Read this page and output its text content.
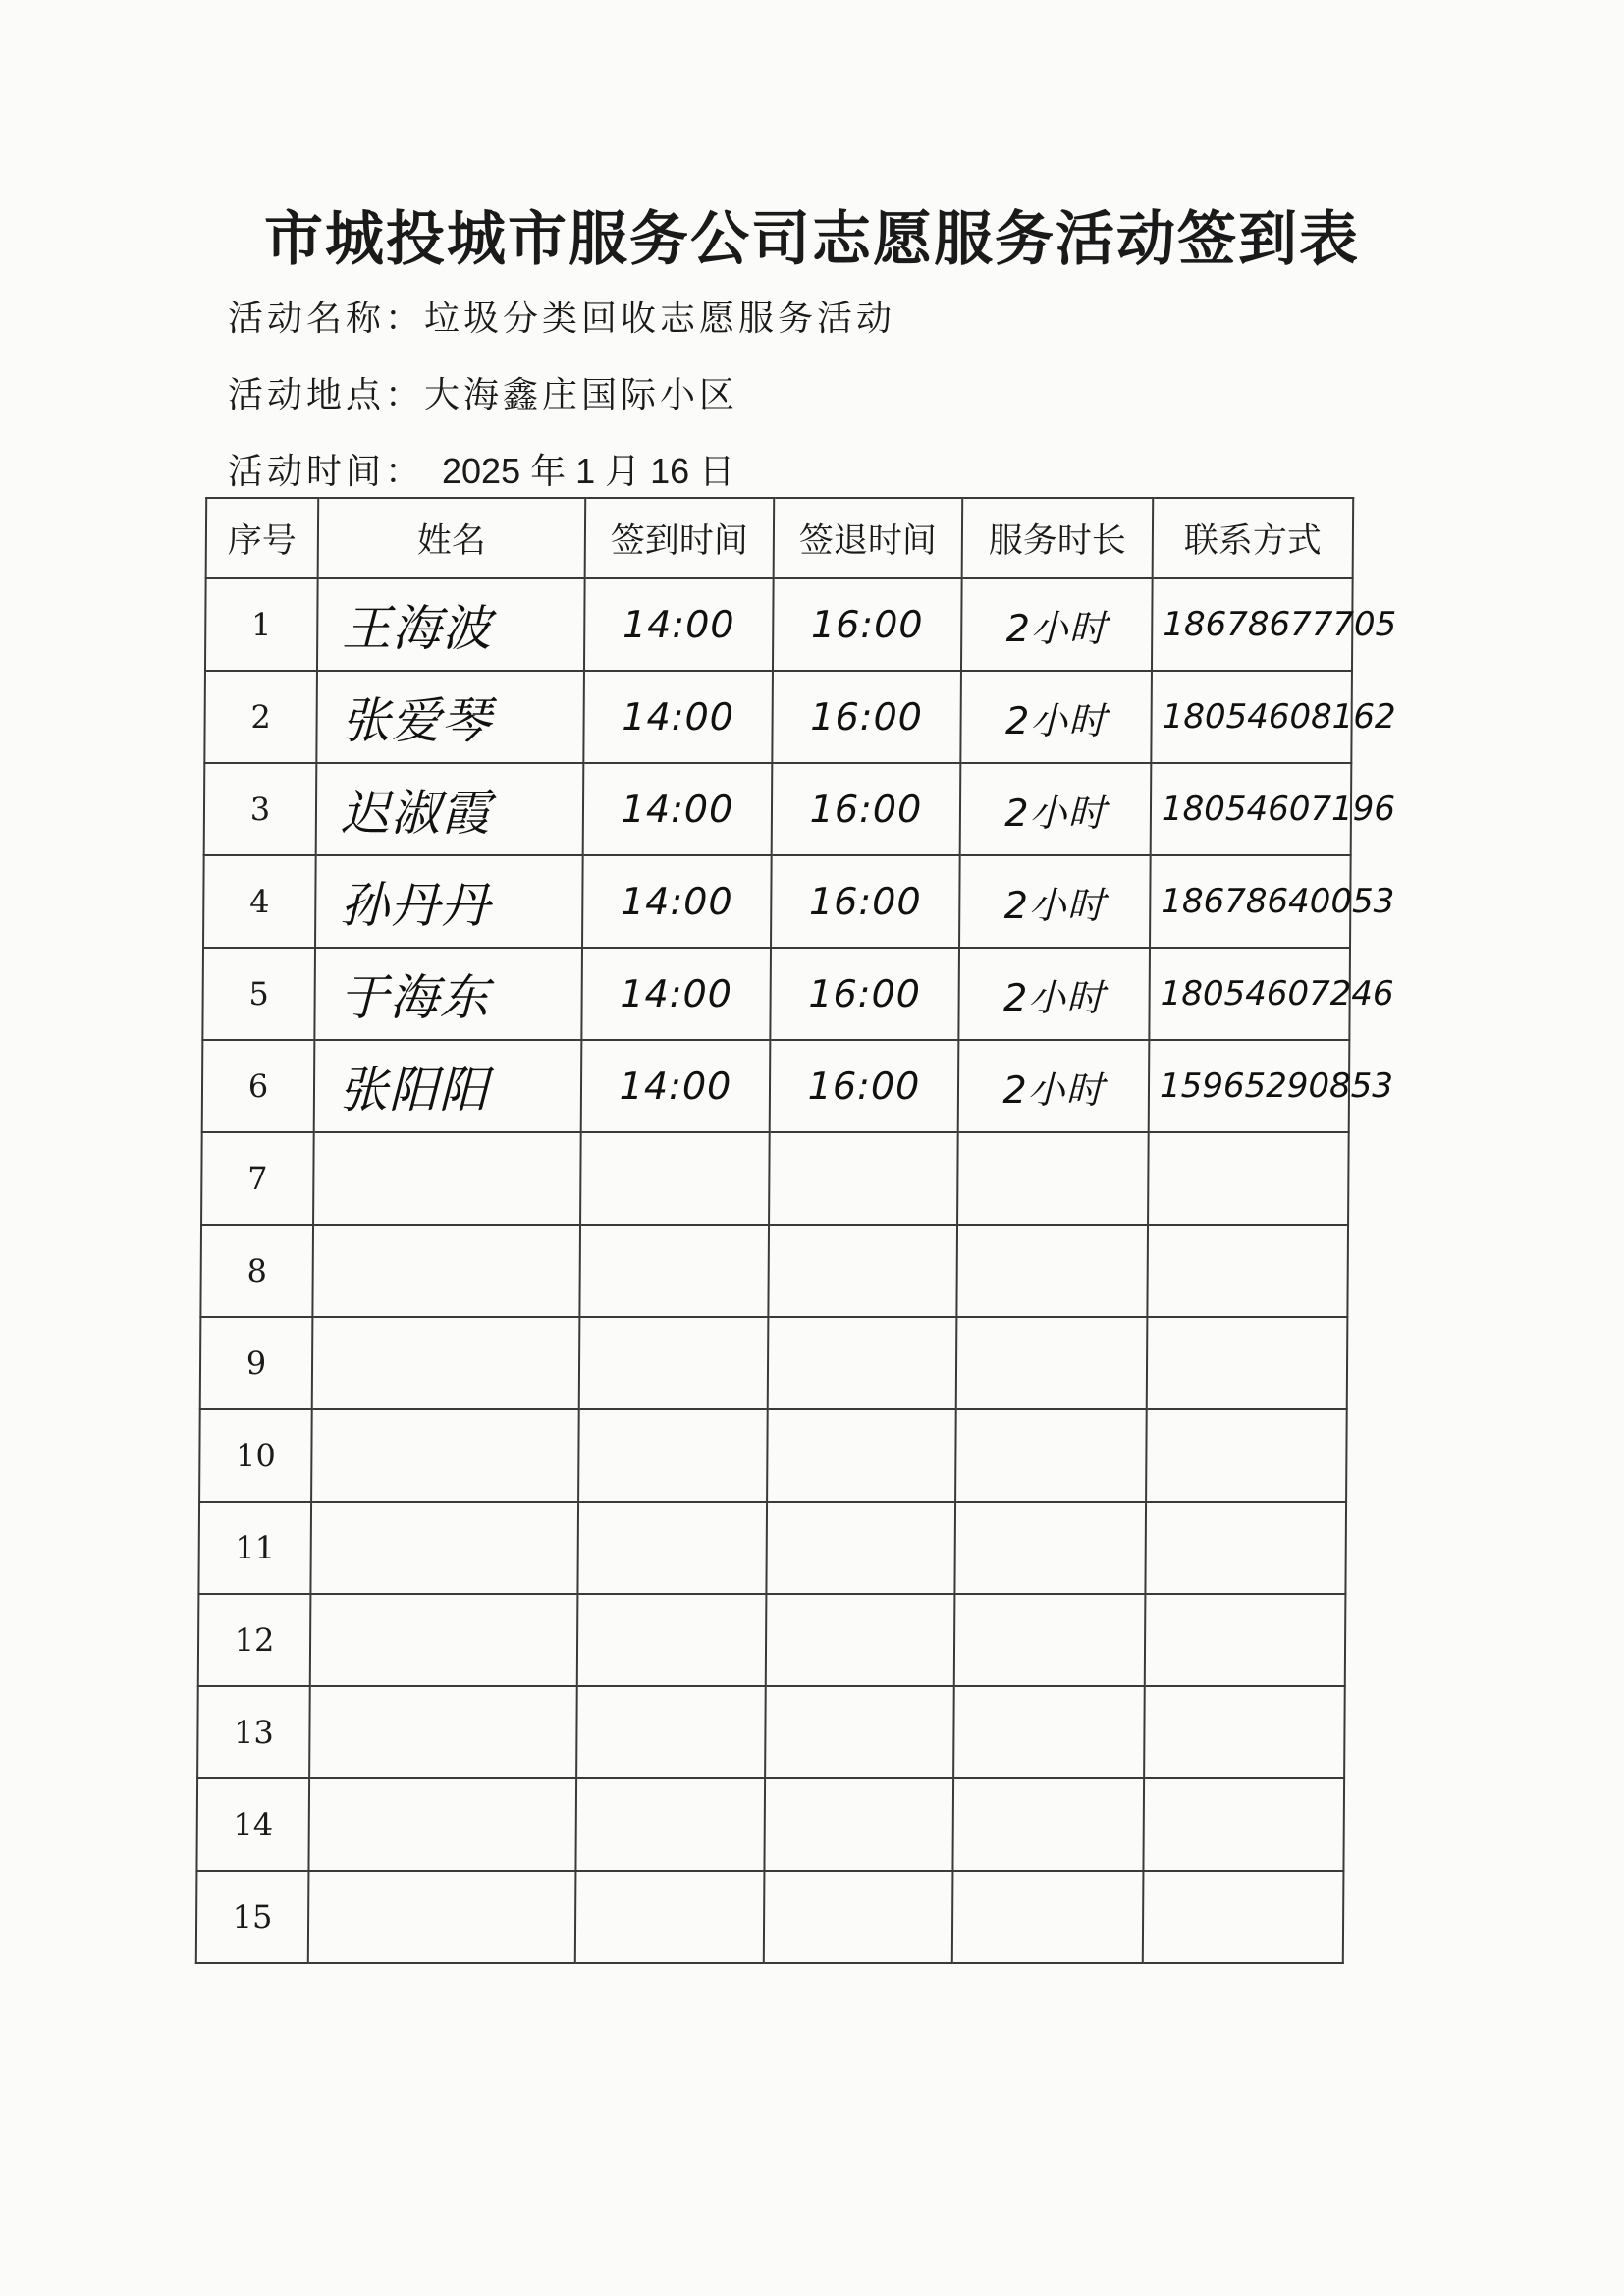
市城投城市服务公司志愿服务活动签到表
活动名称：垃圾分类回收志愿服务活动
活动地点：大海鑫庄国际小区
活动时间： 2025 年 1 月 16 日
序号	姓名	签到时间	签退时间	服务时长	联系方式
1	王海波	14:00	16:00	2小时	18678677705
2	张爱琴	14:00	16:00	2小时	18054608162
3	迟淑霞	14:00	16:00	2小时	18054607196
4	孙丹丹	14:00	16:00	2小时	18678640053
5	于海东	14:00	16:00	2小时	18054607246
6	张阳阳	14:00	16:00	2小时	15965290853
7					
8					
9					
10					
11					
12					
13					
14					
15					
